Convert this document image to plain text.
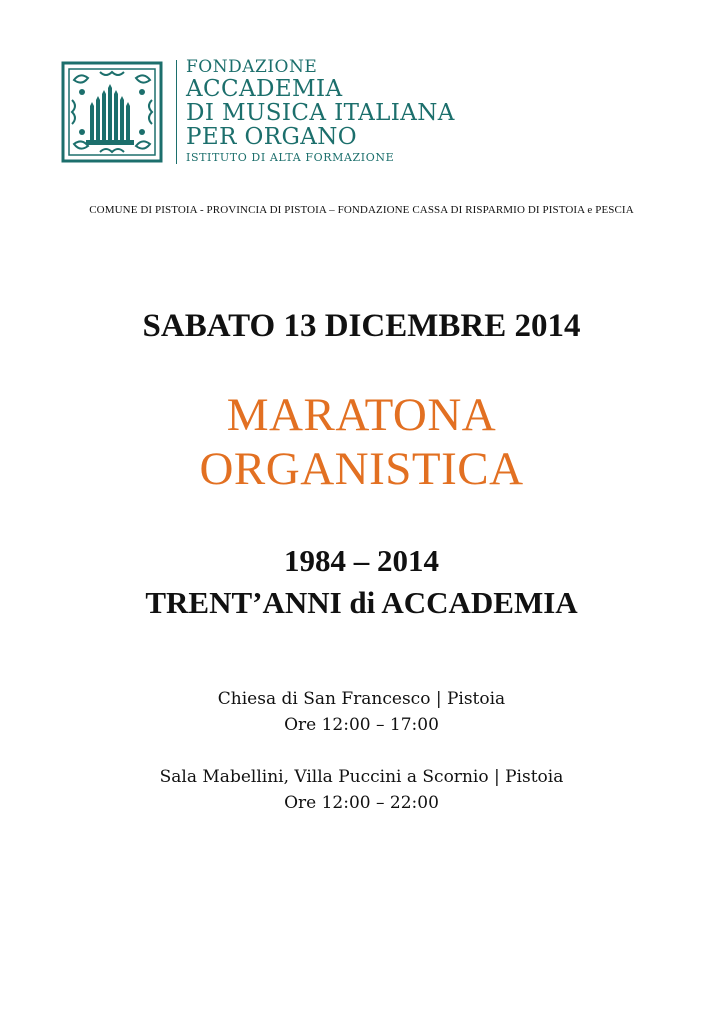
FONDAZIONE
ACCADEMIA
DI MUSICA ITALIANA
PER ORGANO
ISTITUTO DI ALTA FORMAZIONE
COMUNE DI PISTOIA - PROVINCIA DI PISTOIA – FONDAZIONE CASSA DI RISPARMIO DI PISTOIA e PESCIA
SABATO 13 DICEMBRE 2014
MARATONA
ORGANISTICA
1984 – 2014
TRENT’ANNI di ACCADEMIA
Chiesa di San Francesco | Pistoia
Ore 12:00 – 17:00
Sala Mabellini, Villa Puccini a Scornio | Pistoia
Ore 12:00 – 22:00
